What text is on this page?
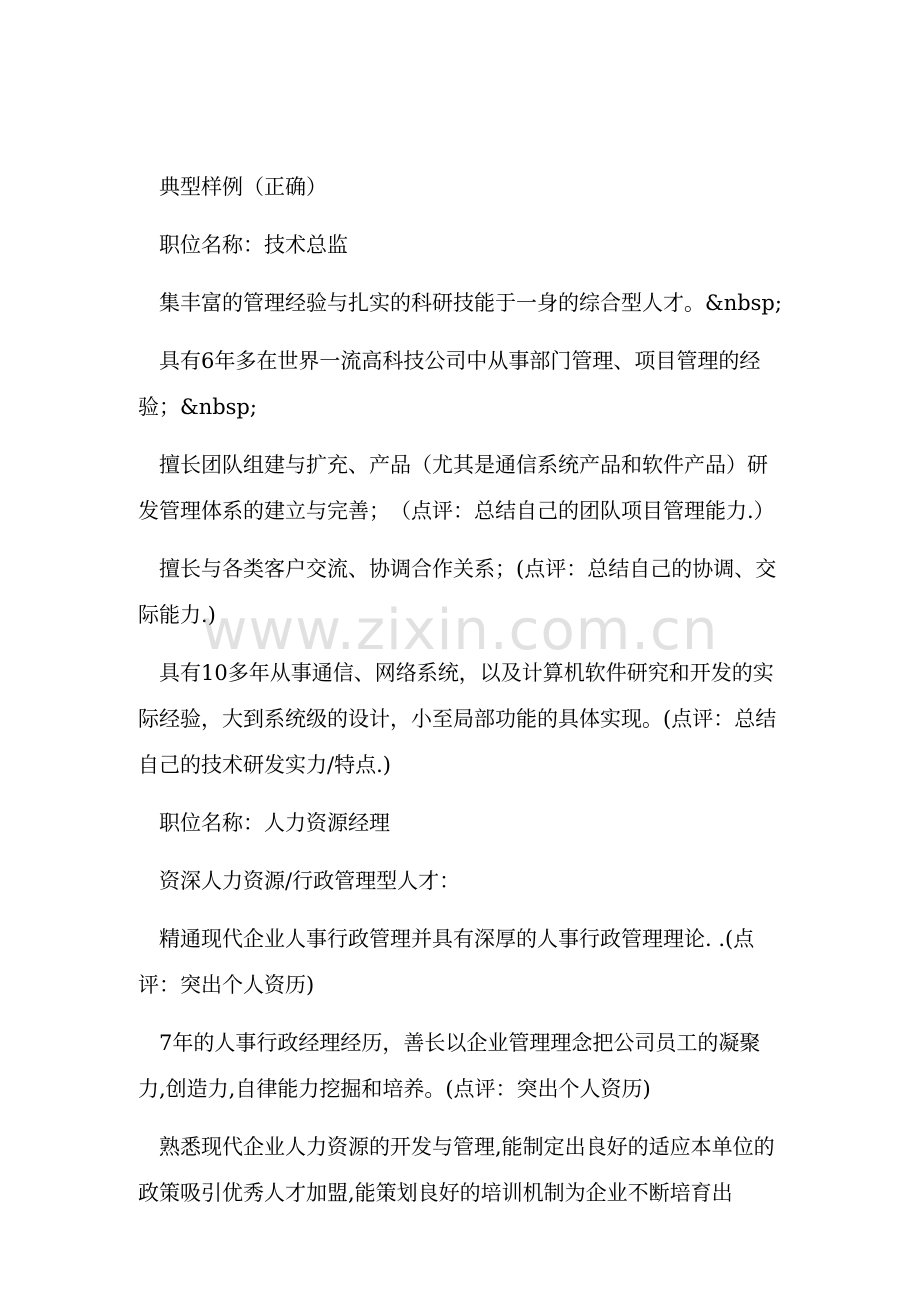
典型样例（正确）

职位名称：技术总监

集丰富的管理经验与扎实的科研技能于一身的综合型人才。&nbsp;

具有6年多在世界一流高科技公司中从事部门管理、项目管理的经验；&nbsp;

擅长团队组建与扩充、产品（尤其是通信系统产品和软件产品）研发管理体系的建立与完善；　（点评：总结自己的团队项目管理能力.）

擅长与各类客户交流、协调合作关系；(点评：总结自己的协调、交际能力.)

具有10多年从事通信、网络系统，以及计算机软件研究和开发的实际经验，大到系统级的设计，小至局部功能的具体实现。(点评：总结自己的技术研发实力/特点.)

职位名称：人力资源经理

资深人力资源/行政管理型人才：

精通现代企业人事行政管理并具有深厚的人事行政管理理论. .(点评：突出个人资历)

7年的人事行政经理经历，善长以企业管理理念把公司员工的凝聚力,创造力,自律能力挖掘和培养。(点评：突出个人资历)

熟悉现代企业人力资源的开发与管理,能制定出良好的适应本单位的政策吸引优秀人才加盟,能策划良好的培训机制为企业不断培育出

www.zixin.com.cn
